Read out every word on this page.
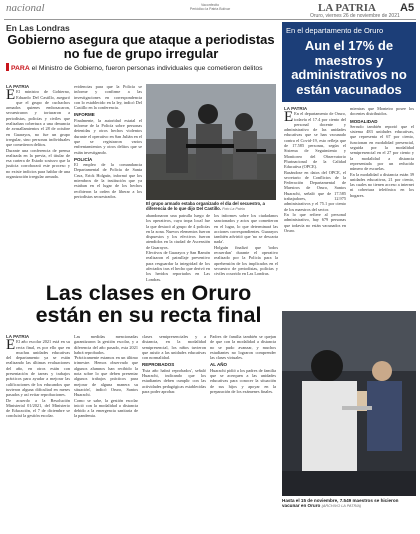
nacional	Vaconfecito
Periódico la Patria Bolívar	LA PATRIA A5
Oruro, viernes 26 de noviembre de 2021
En Las Londras
Gobierno asegura que ataque a periodistas no fue de grupo irregular
PARA el Ministro de Gobierno, fueron personas individuales que cometieron delitos
LA PATRIA
E El ministro de Gobierno, Eduardo Del Castillo, aseguró que el grupo de cuchachos armados quienes embosacaron, secuestraron y torturaron a periodistas, policías y civiles que realizaban cobertura a una denuncia de avasallamientos el 28 de octubre en Guarayos, no fue un grupo irregular, sino personas individuales que cometieron delitos.
Durante una conferencia de prensa realizada en la previa, el titular de esa cartera de Estado sostuvo que la justicia corroborará este proceso y no existe indicios para hablar de una organización irregular armada.
evidencias para que la Policía se informe y confirme a las investigaciones en correspondencia con lo establecido en la ley, indicó Del Castillo en la conferencia.
INFORME
Finalmente, la autoridad estatal el informe de la Policía sobre personas detenidas y otros hechos violentos durante el operativo en San Julián en el que se registraron varios enfrentamientos y otros delitos que se están investigando.
POLICÍA
El empleo de la comandancia Departamental de Policía de Santa Cruz, Erick Holguín, informó que los miembros de la institución que ya estaban en el lugar de los hechos recibieron la orden de liberar a los periodistas secuestrados.
El grupo armado estaba organizado el día del secuestro, a diferencia de lo que dijo Del Castillo. Foto La Patria
abandonaron una patrulla luego de los operativos, cuya tropa local fue la que destacó al grupo de 4 policías en la zona. Nuevos elementos fueron dispuestos y los efectivos fueron atendidos en la ciudad de Ascensión de Guarayos.
Efectivos de Guarayos y San Ramón realizaron el patrullaje preventivo para resguardar la integridad de los afectados tras el hecho que derivó en los heridos reportados en Las Londras.
los informes sobre los ciudadanos sancionados y actos que cometieron en el lugar, lo que determinará las acciones correspondientes. Guarayos también advirtió que 'no se descarta nada'.
Holguín finalizó que 'todos recuerdan' durante el operativo realizado por la Policía para la aprehensión de los implicados en el secuestro de periodistas, policías y civiles ocurrido en Las Londras.
En el departamento de Oruro
Aun el 17% de maestros y administrativos no están vacunados
LA PATRIA
E En el departamento de Oruro, todavía el 17.4 por ciento del personal docente y administrativo de las unidades educativas que se han vacunado contra el Covid-19, esto refleja que de 17.585 personas, según el Sistema de Seguimiento y Monitoreo del Observatorio Plurinacional de la Calidad Educativa (OPCE).
Basándose en datos del OPCE, el secretario de Conflictos de la Federación Departamental de Maestros de Oruro, Santos Huarachi, señaló que de 17.585 trabajadores, 12.975 administrativos y el 75.1 por ciento de los maestros del sector.
En lo que refiere al personal administrativo, hay 679 personas que todavía no están vacunados en Oruro.
mientras que Monteiro posee los docentes distribuidos.
MODALIDAD
Serrudo también reportó que el sistema 483 unidades educativas, que representa el 67 por ciento, funcionan en modalidad presencial, seguida por la modalidad semipresencial en el 27 por ciento y la modalidad a distancia representada por un reducido número de escuelas.
En la modalidad a distancia están 39 unidades educativas, 21 por ciento, las cuales no tienen acceso a internet ni cobertura telefónica en los hogares.
Las clases en Oruro están en su recta final
LA PATRIA
E El año escolar 2021 está en su recta final, es por ello que en muchas unidades educativas del departamento ya se están realizando las últimas evaluaciones del año, en otros están con presentación de tareas y trabajos prácticos para ayudar a mejorar las calificaciones de los educandos que tuvieron alguna dificultad en meses pasados y así evitar reprobaciones.
De acuerdo a la Resolución Ministerial 01/2021, del Ministerio de Educación, el 7 de diciembre se concluirá la gestión escolar.
Las medidas mencionadas garantizaron la gestión escolar, y a diferencia del año pasado, esta 2021 habrá reprobados.
'Prácticamente estamos en un último trimestre. Hemos observado que algunos alumnos han recibido la nota sobre lo que deben presentar algunos trabajos prácticos para mejorar de alguna manera su situación', indicó Oruro, Santos Huarachi.
Como se sabe, la gestión escolar inició con la modalidad a distancia debido a la emergencia sanitaria de la pandemia.
clases semipresenciales y a distancia, en la modalidad semipresencial, los niños tuvieron que asistir a las unidades educativas con normalidad.
REPROBADOS
'Esta año habrá reprobados', señaló Huarachi, indicando que los estudiantes deben cumplir con las actividades pedagógicas establecidas para poder aprobar.
Padres de familia también se quejan de que con la modalidad a distancia no se pudo avanzar, y muchos estudiantes no lograron comprender las clases virtuales.
AL AÑO
Huarachi pidió a los padres de familia que se acerquen a las unidades educativas para conocer la situación de sus hijos y apoyar en la preparación de los exámenes finales.
Hasta el 15 de noviembre, 7.549 maestros se hicieron vacunar en Oruro (ARCHIVO LA PATRIA)
